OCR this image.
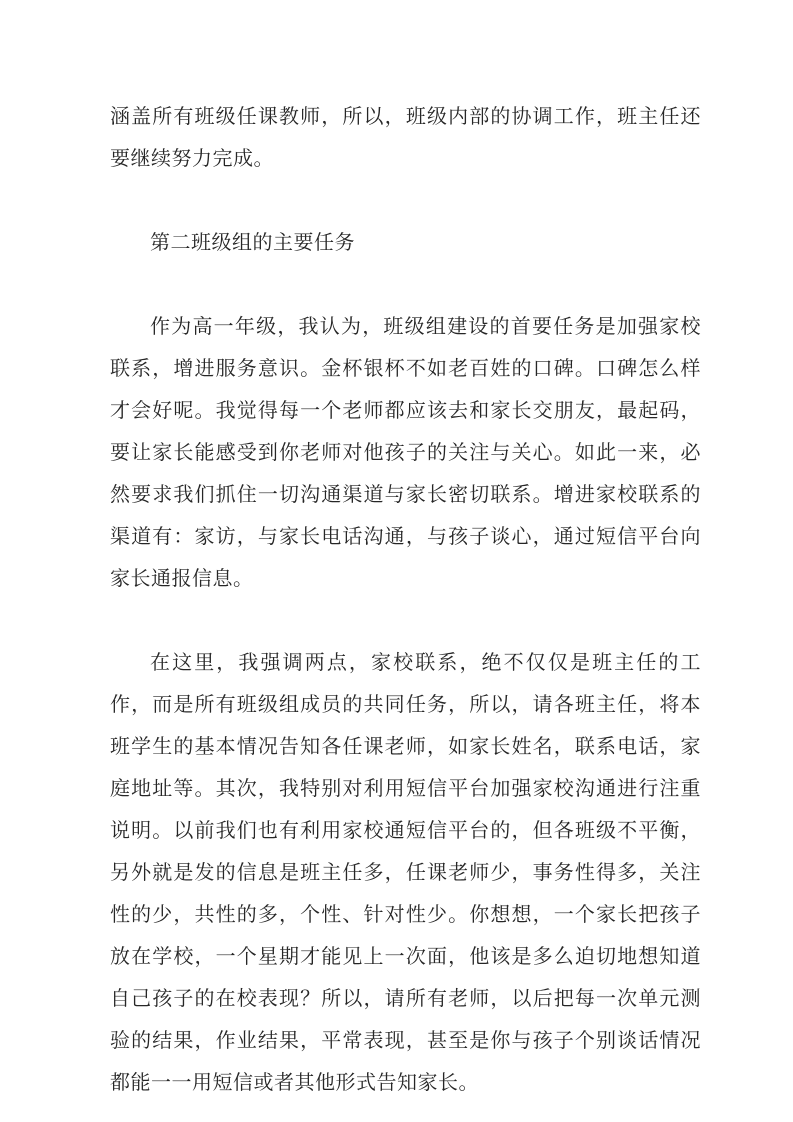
涵盖所有班级任课教师，所以，班级内部的协调工作，班主任还要继续努力完成。

第二班级组的主要任务

作为高一年级，我认为，班级组建设的首要任务是加强家校联系，增进服务意识。金杯银杯不如老百姓的口碑。口碑怎么样才会好呢。我觉得每一个老师都应该去和家长交朋友，最起码，要让家长能感受到你老师对他孩子的关注与关心。如此一来，必然要求我们抓住一切沟通渠道与家长密切联系。增进家校联系的渠道有：家访，与家长电话沟通，与孩子谈心，通过短信平台向家长通报信息。

在这里，我强调两点，家校联系，绝不仅仅是班主任的工作，而是所有班级组成员的共同任务，所以，请各班主任，将本班学生的基本情况告知各任课老师，如家长姓名，联系电话，家庭地址等。其次，我特别对利用短信平台加强家校沟通进行注重说明。以前我们也有利用家校通短信平台的，但各班级不平衡，另外就是发的信息是班主任多，任课老师少，事务性得多，关注性的少，共性的多，个性、针对性少。你想想，一个家长把孩子放在学校，一个星期才能见上一次面，他该是多么迫切地想知道自己孩子的在校表现？所以，请所有老师，以后把每一次单元测验的结果，作业结果，平常表现，甚至是你与孩子个别谈话情况都能一一用短信或者其他形式告知家长。
